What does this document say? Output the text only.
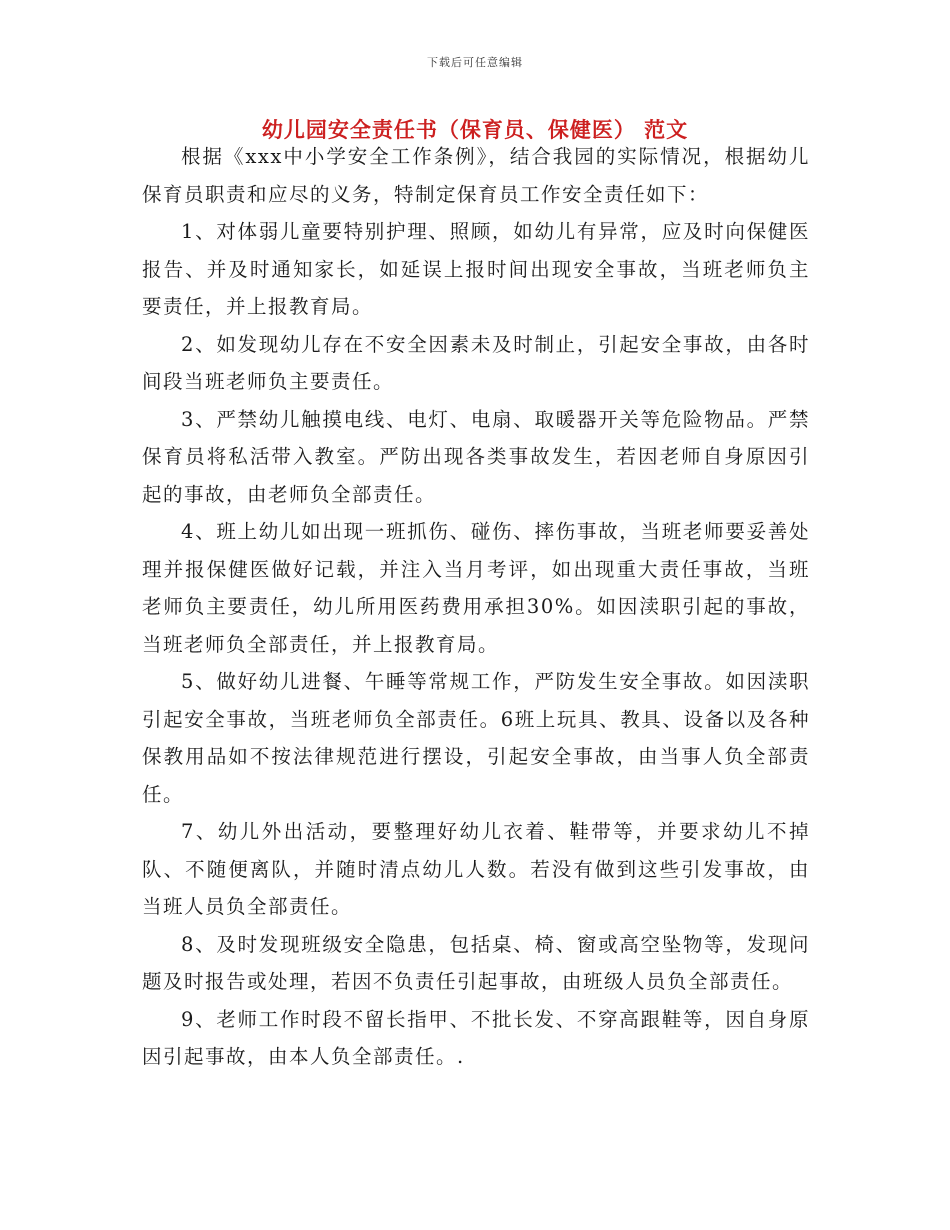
下载后可任意编辑
幼儿园安全责任书（保育员、保健医） 范文

根据《xxx中小学安全工作条例》，结合我园的实际情况，根据幼儿保育员职责和应尽的义务，特制定保育员工作安全责任如下：

1、对体弱儿童要特别护理、照顾，如幼儿有异常，应及时向保健医报告、并及时通知家长，如延误上报时间出现安全事故，当班老师负主要责任，并上报教育局。

2、如发现幼儿存在不安全因素未及时制止，引起安全事故，由各时间段当班老师负主要责任。

3、严禁幼儿触摸电线、电灯、电扇、取暖器开关等危险物品。严禁保育员将私活带入教室。严防出现各类事故发生，若因老师自身原因引起的事故，由老师负全部责任。

4、班上幼儿如出现一班抓伤、碰伤、摔伤事故，当班老师要妥善处理并报保健医做好记载，并注入当月考评，如出现重大责任事故，当班老师负主要责任，幼儿所用医药费用承担30%。如因渎职引起的事故，当班老师负全部责任，并上报教育局。

5、做好幼儿进餐、午睡等常规工作，严防发生安全事故。如因渎职引起安全事故，当班老师负全部责任。6班上玩具、教具、设备以及各种保教用品如不按法律规范进行摆设，引起安全事故，由当事人负全部责任。

7、幼儿外出活动，要整理好幼儿衣着、鞋带等，并要求幼儿不掉队、不随便离队，并随时清点幼儿人数。若没有做到这些引发事故，由当班人员负全部责任。

8、及时发现班级安全隐患，包括桌、椅、窗或高空坠物等，发现问题及时报告或处理，若因不负责任引起事故，由班级人员负全部责任。

9、老师工作时段不留长指甲、不批长发、不穿高跟鞋等，因自身原因引起事故，由本人负全部责任。.
